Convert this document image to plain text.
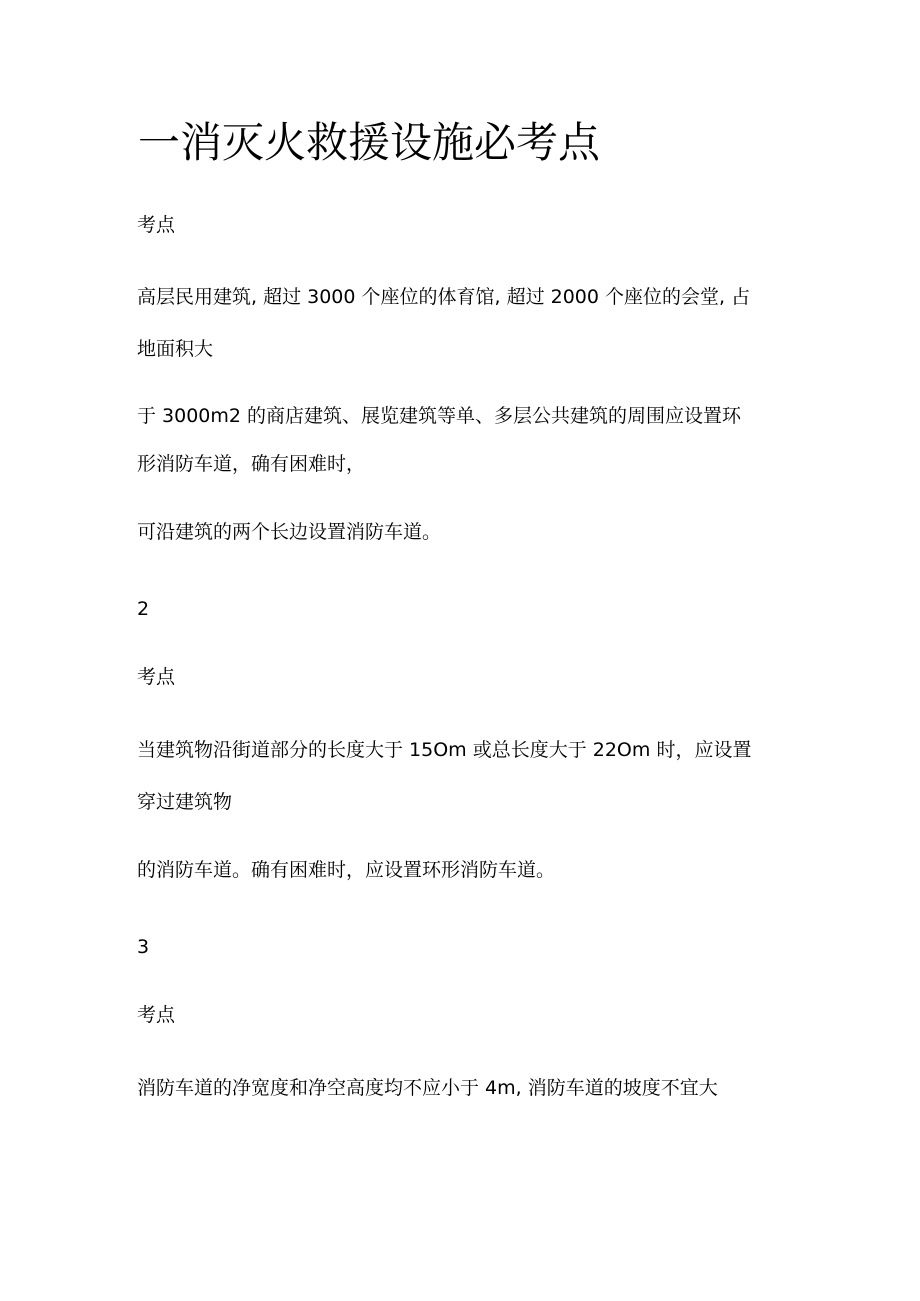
一消灭火救援设施必考点

考点

高层民用建筑, 超过 3000 个座位的体育馆, 超过 2000 个座位的会堂, 占

地面积大

于 3000m2 的商店建筑、展览建筑等单、多层公共建筑的周围应设置环

形消防车道，确有困难时，

可沿建筑的两个长边设置消防车道。

2

考点

当建筑物沿街道部分的长度大于 15Om 或总长度大于 22Om 时，应设置

穿过建筑物

的消防车道。确有困难时，应设置环形消防车道。

3

考点

消防车道的净宽度和净空高度均不应小于 4m, 消防车道的坡度不宜大
